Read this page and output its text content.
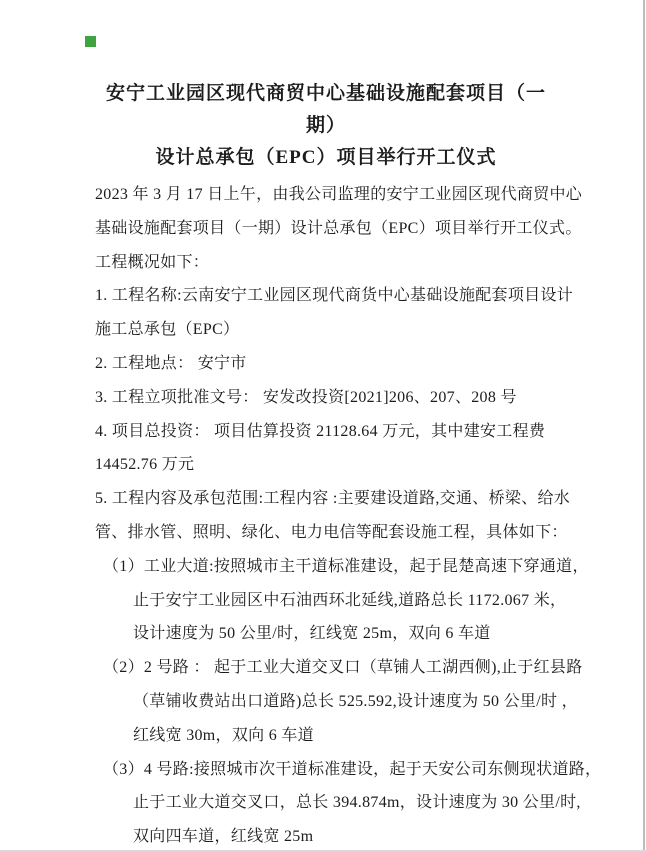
安宁工业园区现代商贸中心基础设施配套项目（一期）
设计总承包（EPC）项目举行开工仪式
2023 年 3 月 17 日上午，由我公司监理的安宁工业园区现代商贸中心
基础设施配套项目（一期）设计总承包（EPC）项目举行开工仪式。
工程概况如下：
1. 工程名称:云南安宁工业园区现代商货中心基础设施配套项目设计
施工总承包（EPC）
2. 工程地点： 安宁市
3. 工程立项批准文号： 安发改投资[2021]206、207、208 号
4. 项目总投资： 项目估算投资 21128.64 万元，其中建安工程费
14452.76 万元
5. 工程内容及承包范围:工程内容 :主要建设道路,交通、桥梁、给水
管、排水管、照明、绿化、电力电信等配套设施工程，具体如下：
（1）工业大道:按照城市主干道标准建设，起于昆楚高速下穿通道，
止于安宁工业园区中石油西环北延线,道路总长 1172.067 米，
设计速度为 50 公里/时，红线宽 25m，双向 6 车道
（2）2 号路 ： 起于工业大道交叉口（草铺人工湖西侧),止于红县路
（草铺收费站出口道路)总长 525.592,设计速度为 50 公里/时 ，
红线宽 30m，双向 6 车道
（3）4 号路:接照城市次干道标准建设，起于天安公司东侧现状道路，
止于工业大道交叉口，总长 394.874m，设计速度为 30 公里/时,
双向四车道，红线宽 25m
